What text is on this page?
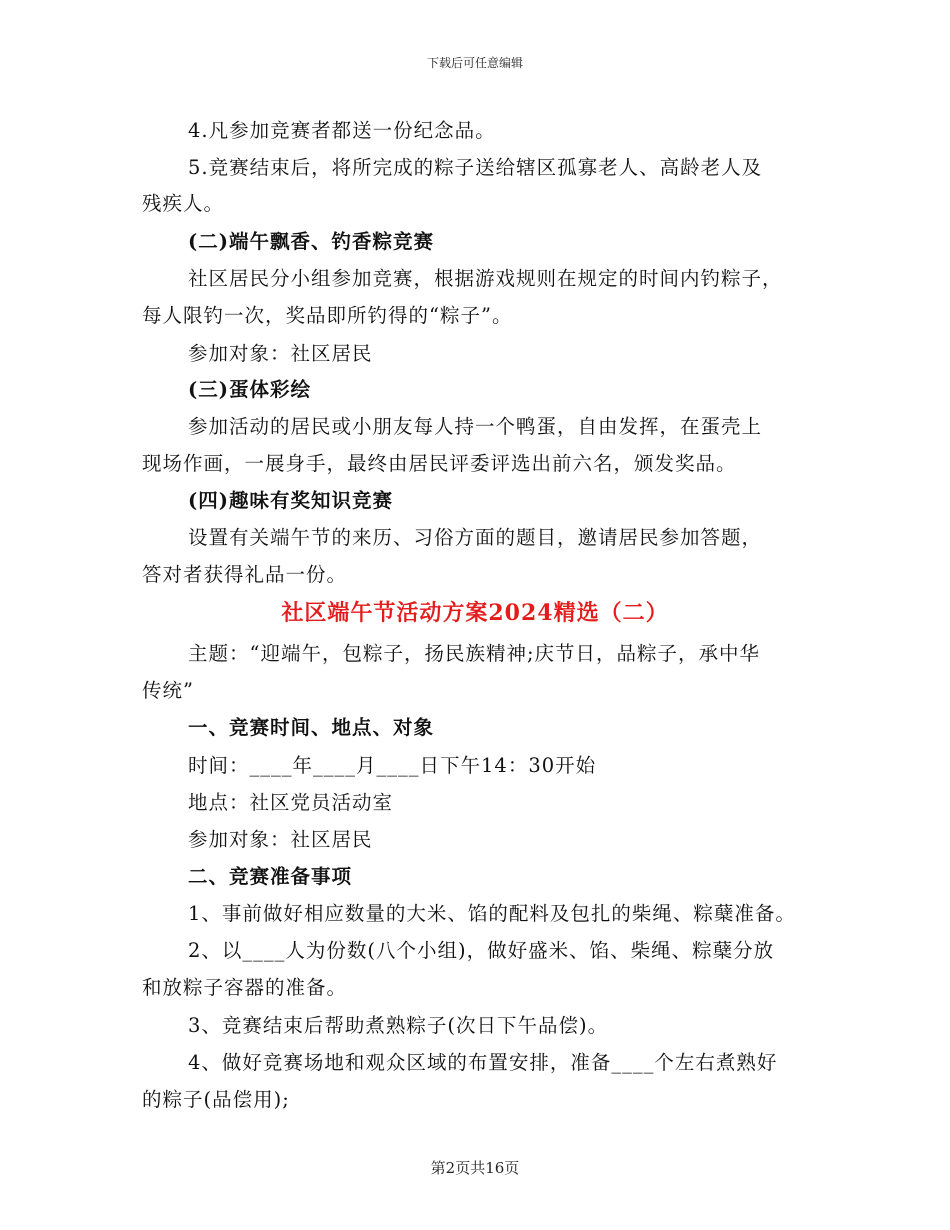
下载后可任意编辑
4.凡参加竞赛者都送一份纪念品。
5.竞赛结束后，将所完成的粽子送给辖区孤寡老人、高龄老人及
残疾人。
(二)端午飘香、钓香粽竞赛
社区居民分小组参加竞赛，根据游戏规则在规定的时间内钓粽子，
每人限钓一次，奖品即所钓得的“粽子”。
参加对象：社区居民
(三)蛋体彩绘
参加活动的居民或小朋友每人持一个鸭蛋，自由发挥，在蛋壳上
现场作画，一展身手，最终由居民评委评选出前六名，颁发奖品。
(四)趣味有奖知识竞赛
设置有关端午节的来历、习俗方面的题目，邀请居民参加答题，
答对者获得礼品一份。
社区端午节活动方案2024精选（二）
主题：“迎端午，包粽子，扬民族精神;庆节日，品粽子，承中华
传统”
一、竞赛时间、地点、对象
时间：____年____月____日下午14：30开始
地点：社区党员活动室
参加对象：社区居民
二、竞赛准备事项
1、事前做好相应数量的大米、馅的配料及包扎的柴绳、粽蘖准备。
2、以____人为份数(八个小组)，做好盛米、馅、柴绳、粽蘖分放
和放粽子容器的准备。
3、竞赛结束后帮助煮熟粽子(次日下午品偿)。
4、做好竞赛场地和观众区域的布置安排，准备____个左右煮熟好
的粽子(品偿用);
第2页共16页
